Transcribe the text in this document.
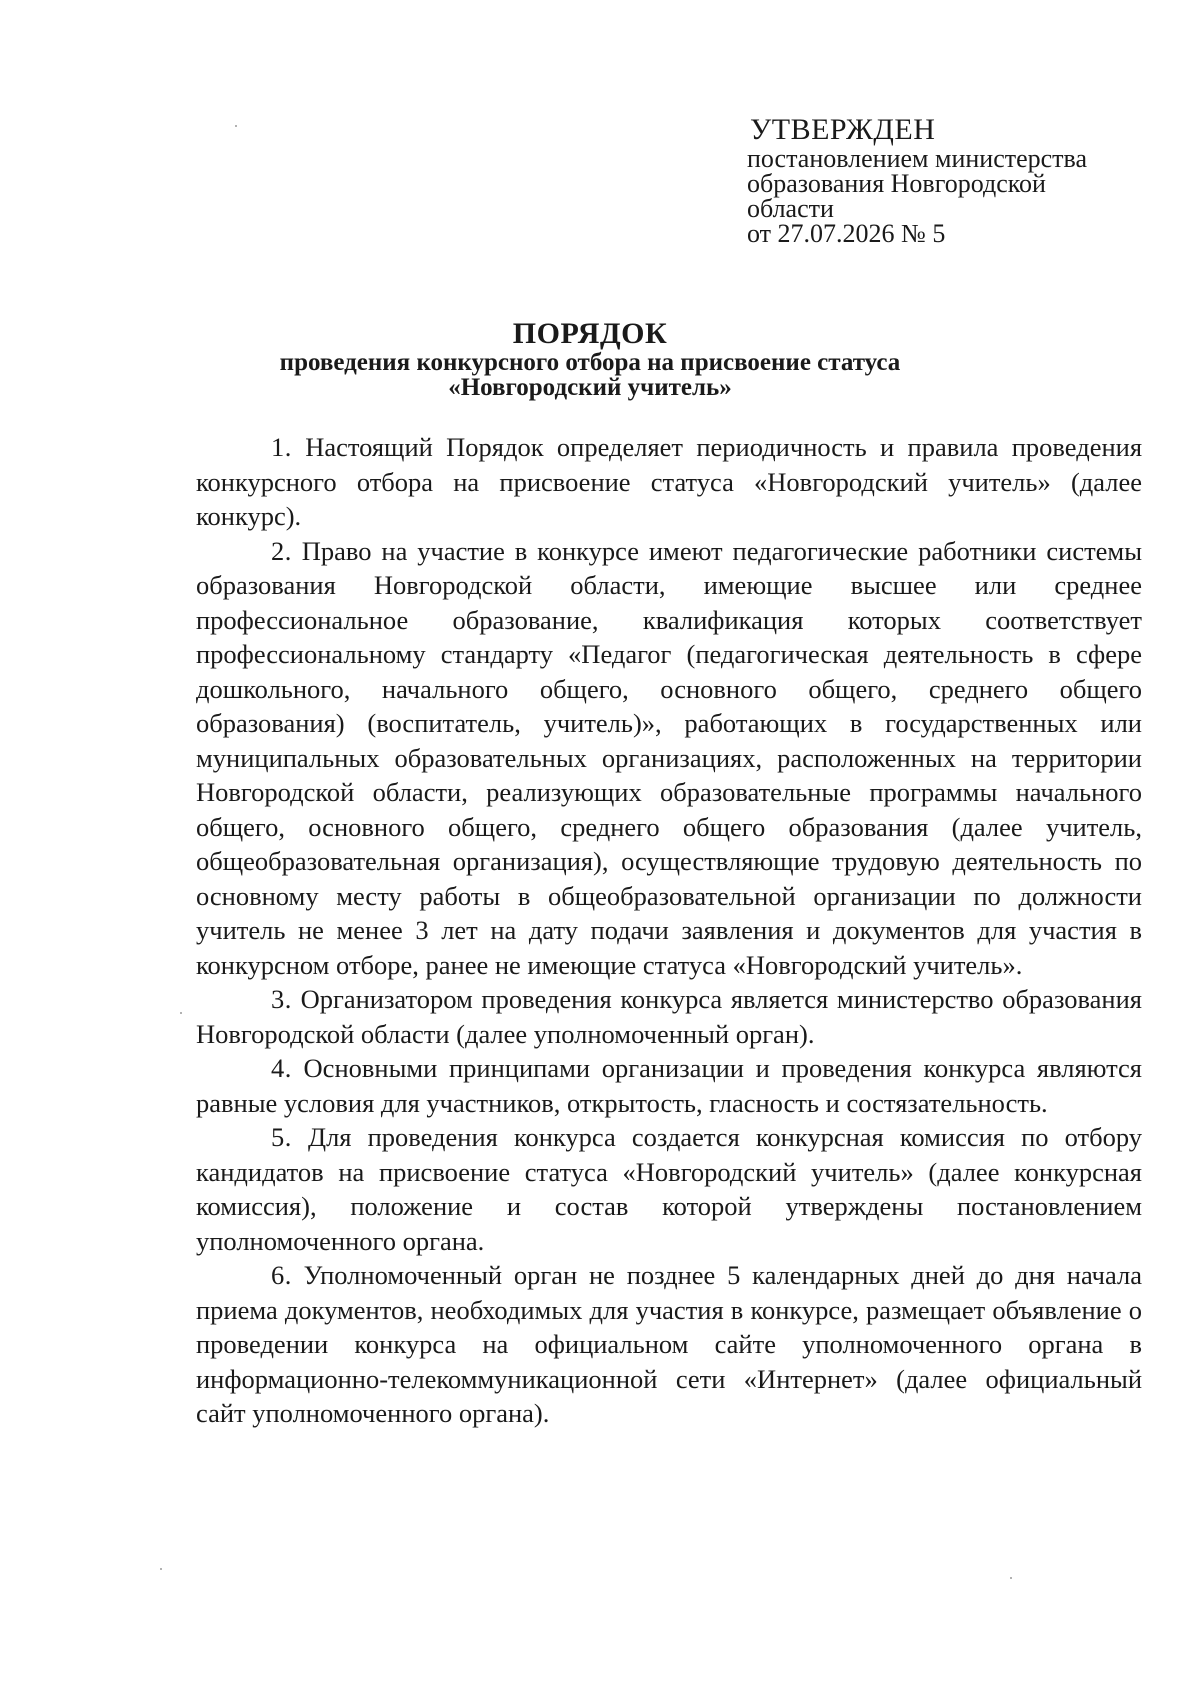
УТВЕРЖДЕН
постановлением министерства
образования Новгородской
области
от 27.07.2026 № 5
ПОРЯДОК
проведения конкурсного отбора на присвоение статуса
«Новгородский учитель»

1. Настоящий Порядок определяет периодичность и правила проведения конкурсного отбора на присвоение статуса «Новгородский учитель» (далее конкурс).

2. Право на участие в конкурсе имеют педагогические работники системы образования Новгородской области, имеющие высшее или среднее профессиональное образование, квалификация которых соответствует профессиональному стандарту «Педагог (педагогическая деятельность в сфере дошкольного, начального общего, основного общего, среднего общего образования) (воспитатель, учитель)», работающих в государственных или муниципальных образовательных организациях, расположенных на территории Новгородской области, реализующих образовательные программы начального общего, основного общего, среднего общего образования (далее учитель, общеобразовательная организация), осуществляющие трудовую деятельность по основному месту работы в общеобразовательной организации по должности учитель не менее 3 лет на дату подачи заявления и документов для участия в конкурсном отборе, ранее не имеющие статуса «Новгородский учитель».

3. Организатором проведения конкурса является министерство образования Новгородской области (далее уполномоченный орган).

4. Основными принципами организации и проведения конкурса являются равные условия для участников, открытость, гласность и состязательность.

5. Для проведения конкурса создается конкурсная комиссия по отбору кандидатов на присвоение статуса «Новгородский учитель» (далее конкурсная комиссия), положение и состав которой утверждены постановлением уполномоченного органа.

6. Уполномоченный орган не позднее 5 календарных дней до дня начала приема документов, необходимых для участия в конкурсе, размещает объявление о проведении конкурса на официальном сайте уполномоченного органа в информационно-телекоммуникационной сети «Интернет» (далее официальный сайт уполномоченного органа).
